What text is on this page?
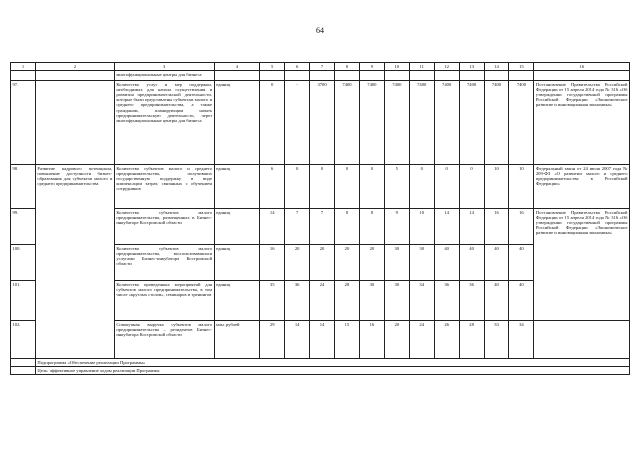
64
1	2	3	4	5	6	7	8	9	10	11	12	13	14	15	16
		многофункциональные центры для бизнеса													
97.		Количество услуг и мер поддержки, необходимых для начала осуществления и развития предпринимательской деятельности, которые были представлены субъектам малого и среднего предпринимательства, а также гражданам, планирующим начать предпринимательскую деятельность, через многофункциональные центры для бизнеса	единиц	0	-	3700	7400	7400	7400	7400	7400	7400	7400	7400	Постановление Правительства Российской Федерации от 15 апреля 2014 года № 316 «Об утверждении государственной программы Российской Федерации «Экономическое развитие и инновационная экономика»
98.	Развитие кадрового потенциала, повышение доступности бизнес-образования для субъектов малого и среднего предпринимательства	Количество субъектов малого и среднего предпринимательства, получивших государственную поддержку в виде компенсации затрат, связанных с обучением сотрудников	единиц	6	0	0	0	0	5	0	0	0	10	10	Федеральный закон от 24 июля 2007 года № 209-ФЗ «О развитии малого и среднего предпринимательства в Российской Федерации»
99.		Количество субъектов малого предпринимательства, размещенных в Бизнес-инкубаторе Костромской области	единиц	14	7	7	8	8	9	10	14	14	16	16	Постановление Правительства Российской Федерации от 15 апреля 2014 года № 316 «Об утверждении государственной программы Российской Федерации «Экономическое развитие и инновационная экономика»
100.		Количество субъектов малого предпринимательства, воспользовавшихся услугами Бизнес-инкубатора Костромской области	единиц	16	20	20	20	20	30	30	40	40	40	40	
101.		Количество проведенных мероприятий для субъектов малого предпринимательства, в том числе «круглых столов», семинаров и тренингов	единиц	35	36	24	28	30	30	34	36	36	40	40	
102.		Совокупная выручка субъектов малого предпринимательства – резидентов Бизнес-инкубатора Костромской области	млн. рублей	29	14	14	15	16	20	24	26	28	33	34	
	Подпрограмма «Обеспечение реализации Программы»														
	Цель: эффективное управление ходом реализации Программы														
